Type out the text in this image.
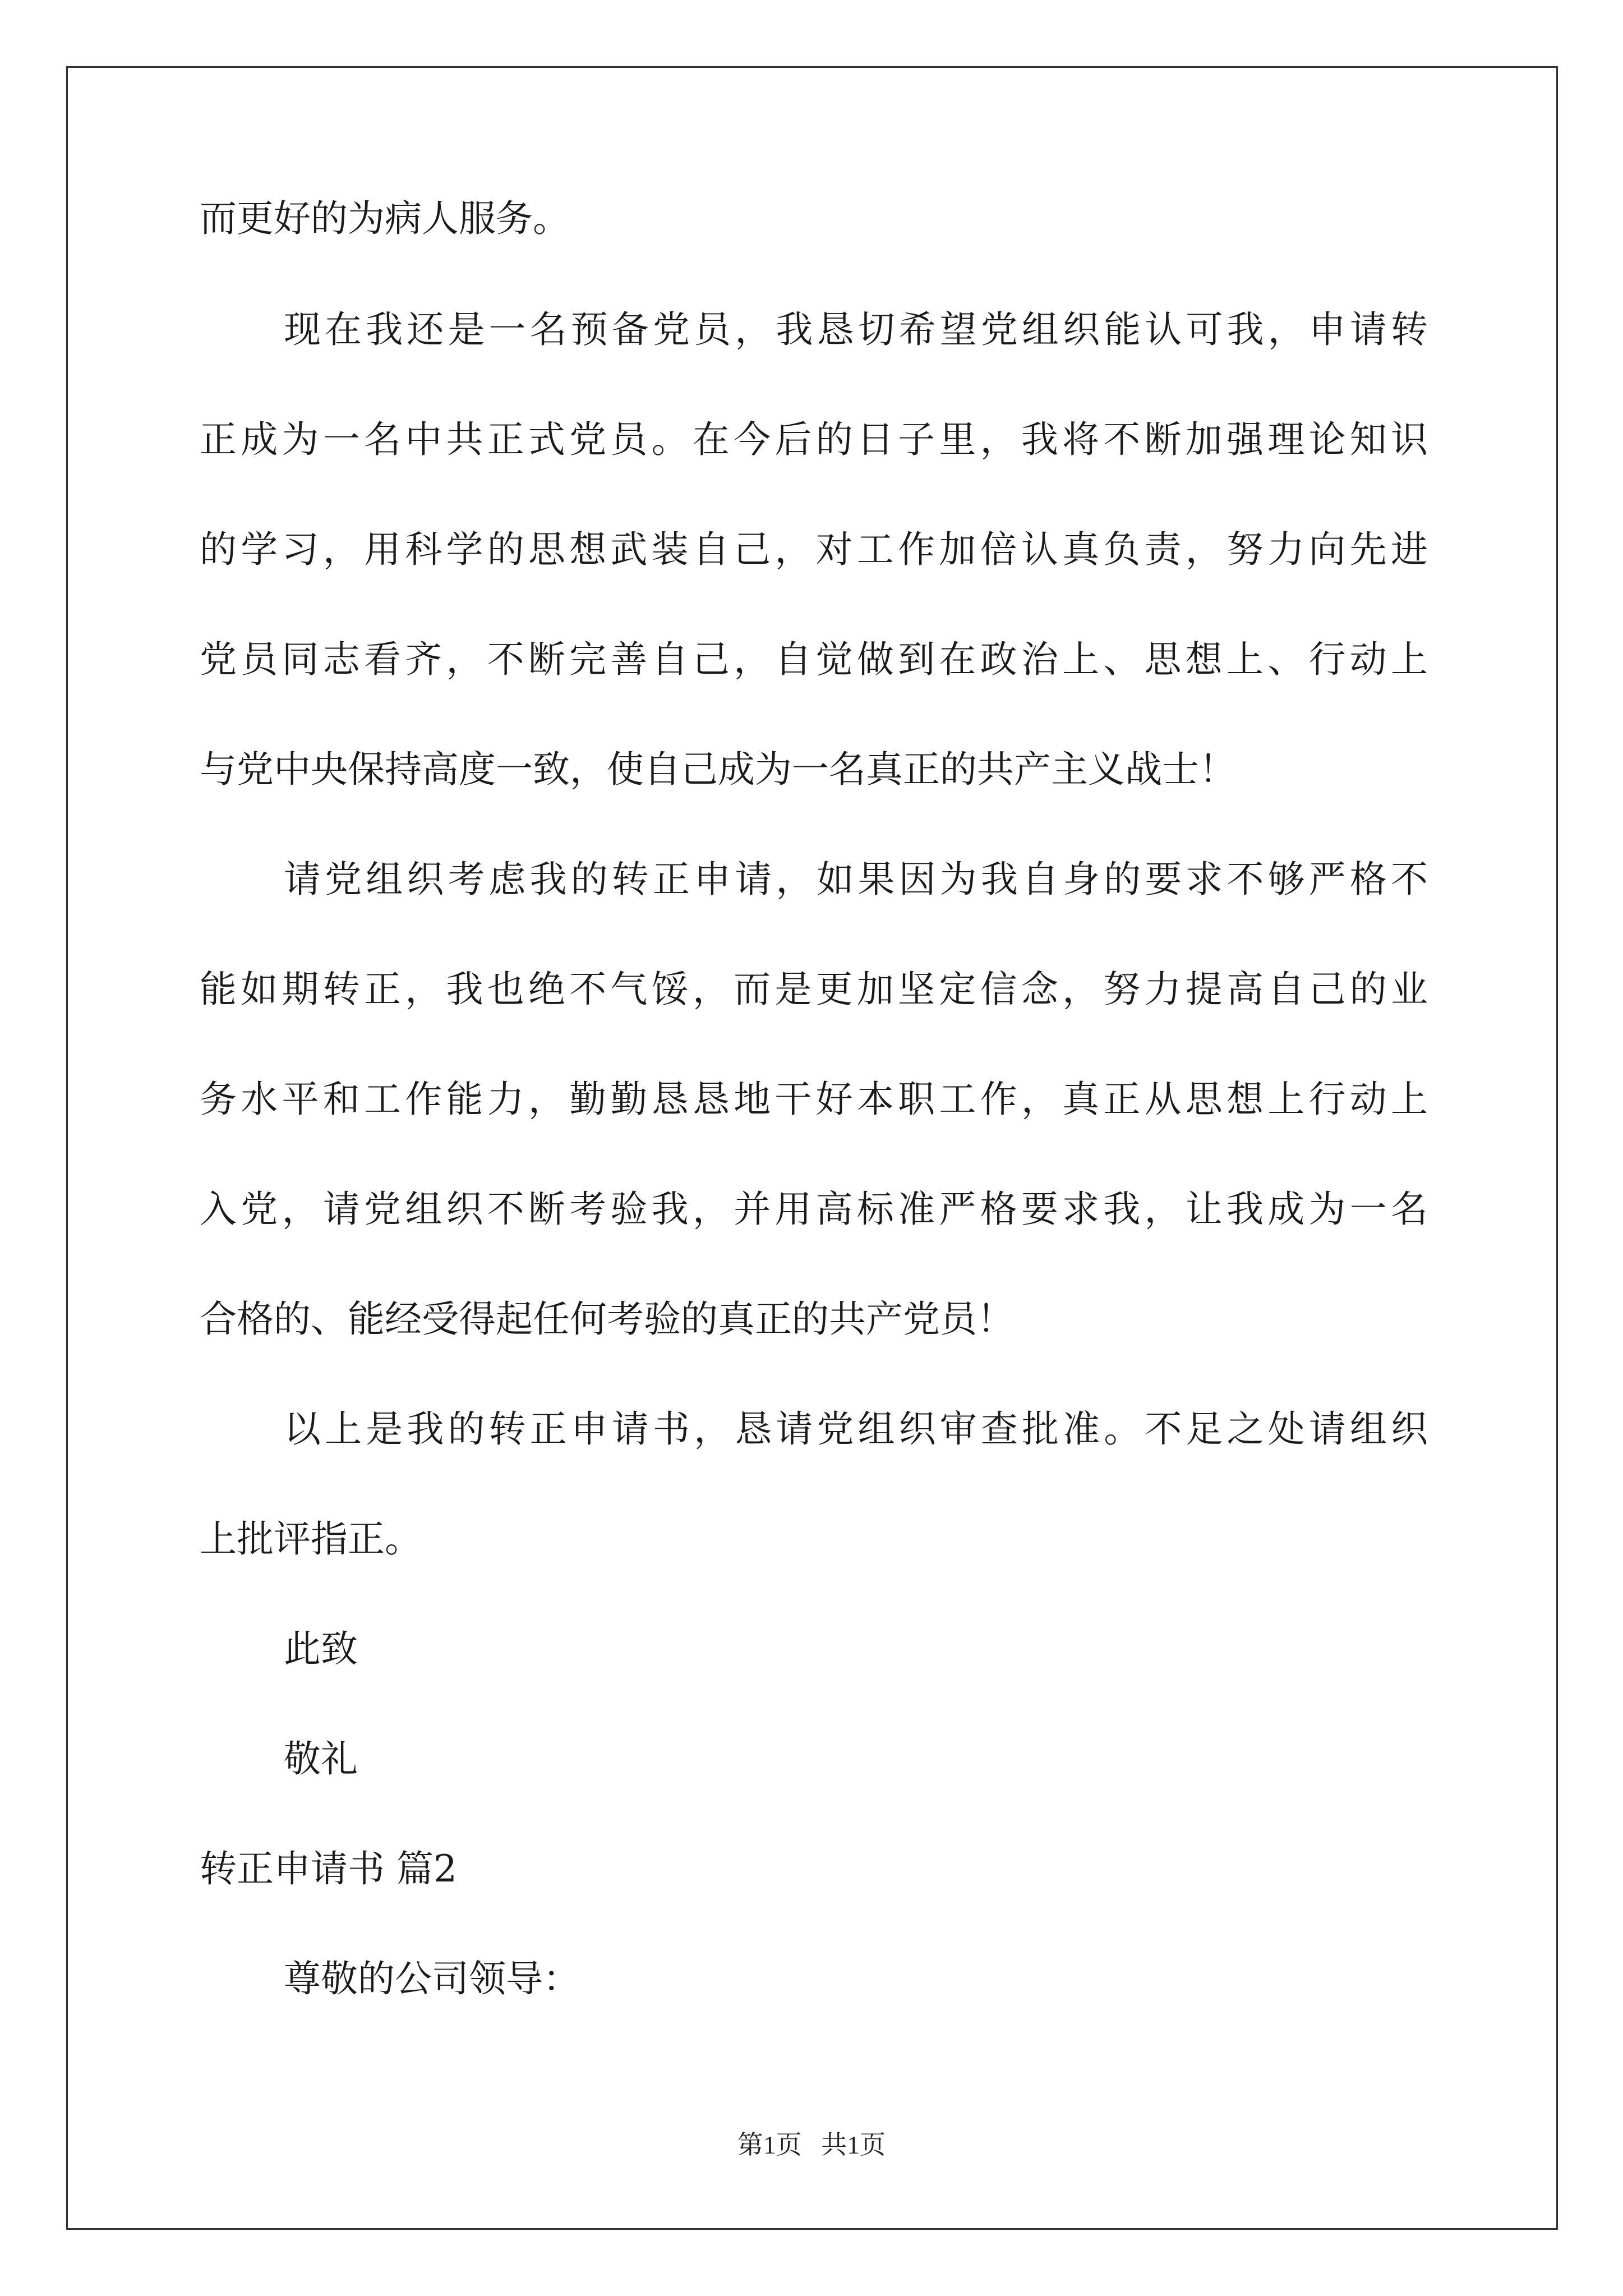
而更好的为病人服务。
现在我还是一名预备党员，我恳切希望党组织能认可我，申请转
正成为一名中共正式党员。在今后的日子里，我将不断加强理论知识
的学习，用科学的思想武装自己，对工作加倍认真负责，努力向先进
党员同志看齐，不断完善自己，自觉做到在政治上、思想上、行动上
与党中央保持高度一致，使自己成为一名真正的共产主义战士！
请党组织考虑我的转正申请，如果因为我自身的要求不够严格不
能如期转正，我也绝不气馁，而是更加坚定信念，努力提高自己的业
务水平和工作能力，勤勤恳恳地干好本职工作，真正从思想上行动上
入党，请党组织不断考验我，并用高标准严格要求我，让我成为一名
合格的、能经受得起任何考验的真正的共产党员！
以上是我的转正申请书，恳请党组织审查批准。不足之处请组织
上批评指正。
此致
敬礼
转正申请书 篇2
尊敬的公司领导：
第1页   共1页
